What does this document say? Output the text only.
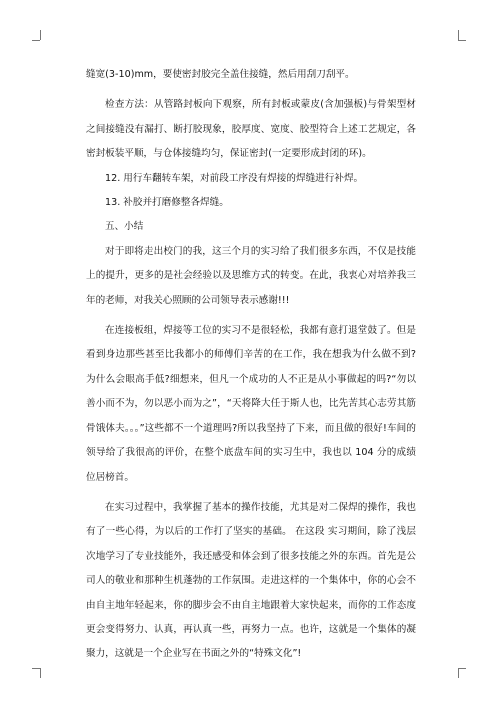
缝宽(3-10)mm，要使密封胶完全盖住接缝，然后用刮刀刮平。

检查方法：从管路封板向下观察，所有封板或蒙皮(含加强板)与骨架型材之间接缝没有漏打、断打胶现象，胶厚度、宽度、胶型符合上述工艺规定，各密封板装平顺，与仓体接缝均匀，保证密封(一定要形成封闭的环)。

12. 用行车翻转车架，对前段工序没有焊接的焊缝进行补焊。

13. 补胶并打磨修整各焊缝。

五、小结

对于即将走出校门的我，这三个月的实习给了我们很多东西，不仅是技能上的提升，更多的是社会经验以及思维方式的转变。在此，我衷心对培养我三年的老师，对我关心照顾的公司领导表示感谢!!!

在连接板组，焊接等工位的实习不是很轻松，我都有意打退堂鼓了。但是看到身边那些甚至比我都小的师傅们辛苦的在工作，我在想我为什么做不到?为什么会眼高手低?细想来，但凡一个成功的人不正是从小事做起的吗?“勿以善小而不为，勿以恶小而为之”，“天将降大任于斯人也，比先苦其心志劳其筋骨饿体夫。。。”这些都不一个道理吗?所以我坚持了下来，而且做的很好!车间的领导给了我很高的评价，在整个底盘车间的实习生中，我也以 104 分的成绩位居榜首。

在实习过程中，我掌握了基本的操作技能，尤其是对二保焊的操作，我也有了一些心得，为以后的工作打了坚实的基础。 在这段 实习期间，除了浅层次地学习了专业技能外，我还感受和体会到了很多技能之外的东西。首先是公司人的敬业和那种生机蓬勃的工作氛围。走进这样的一个集体中，你的心会不由自主地年轻起来，你的脚步会不由自主地跟着大家快起来，而你的工作态度更会变得努力、认真，再认真一些，再努力一点。也许，这就是一个集体的凝聚力，这就是一个企业写在书面之外的“特殊文化”!
